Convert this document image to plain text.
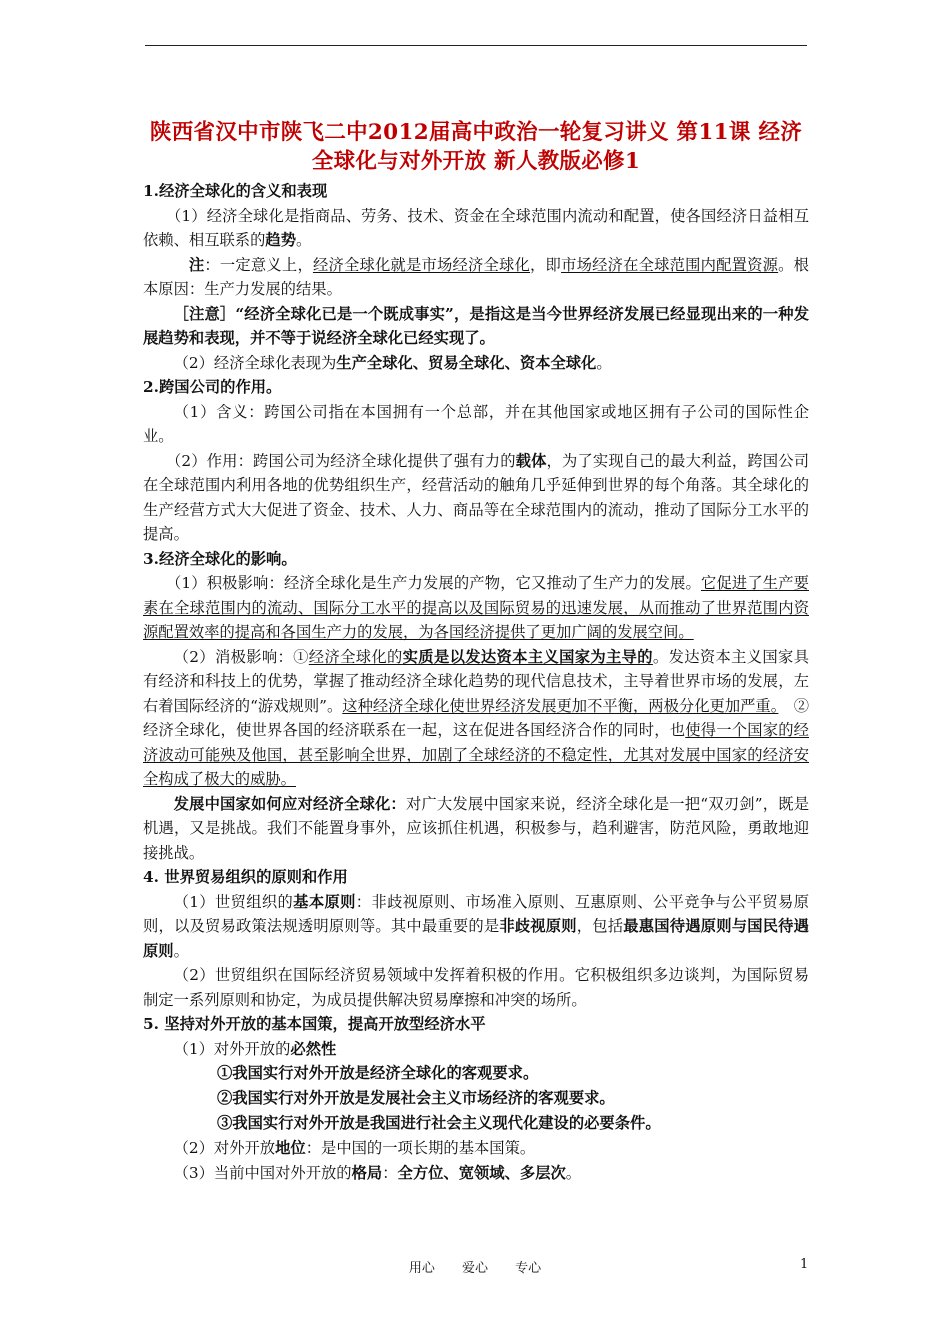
陕西省汉中市陕飞二中2012届高中政治一轮复习讲义 第11课 经济全球化与对外开放 新人教版必修1
1.经济全球化的含义和表现

（1）经济全球化是指商品、劳务、技术、资金在全球范围内流动和配置，使各国经济日益相互依赖、相互联系的趋势。

注：一定意义上，经济全球化就是市场经济全球化，即市场经济在全球范围内配置资源。根本原因：生产力发展的结果。

［注意］“经济全球化已是一个既成事实”，是指这是当今世界经济发展已经显现出来的一种发展趋势和表现，并不等于说经济全球化已经实现了。

（2）经济全球化表现为生产全球化、贸易全球化、资本全球化。

2.跨国公司的作用。

（1）含义：跨国公司指在本国拥有一个总部，并在其他国家或地区拥有子公司的国际性企业。

（2）作用：跨国公司为经济全球化提供了强有力的载体，为了实现自己的最大利益，跨国公司在全球范围内利用各地的优势组织生产，经营活动的触角几乎延伸到世界的每个角落。其全球化的生产经营方式大大促进了资金、技术、人力、商品等在全球范围内的流动，推动了国际分工水平的提高。

3.经济全球化的影响。

（1）积极影响：经济全球化是生产力发展的产物，它又推动了生产力的发展。它促进了生产要素在全球范围内的流动、国际分工水平的提高以及国际贸易的迅速发展，从而推动了世界范围内资源配置效率的提高和各国生产力的发展，为各国经济提供了更加广阔的发展空间。

（2）消极影响：①经济全球化的实质是以发达资本主义国家为主导的。发达资本主义国家具有经济和科技上的优势，掌握了推动经济全球化趋势的现代信息技术，主导着世界市场的发展，左右着国际经济的“游戏规则”。这种经济全球化使世界经济发展更加不平衡，两极分化更加严重。　②经济全球化，使世界各国的经济联系在一起，这在促进各国经济合作的同时，也使得一个国家的经济波动可能殃及他国，甚至影响全世界，加剧了全球经济的不稳定性，尤其对发展中国家的经济安全构成了极大的威胁。

发展中国家如何应对经济全球化：对广大发展中国家来说，经济全球化是一把“双刃剑”，既是机遇，又是挑战。我们不能置身事外，应该抓住机遇，积极参与，趋利避害，防范风险，勇敢地迎接挑战。

4. 世界贸易组织的原则和作用

（1）世贸组织的基本原则：非歧视原则、市场准入原则、互惠原则、公平竞争与公平贸易原则，以及贸易政策法规透明原则等。其中最重要的是非歧视原则，包括最惠国待遇原则与国民待遇原则。

（2）世贸组织在国际经济贸易领域中发挥着积极的作用。它积极组织多边谈判，为国际贸易制定一系列原则和协定，为成员提供解决贸易摩擦和冲突的场所。

5. 坚持对外开放的基本国策，提高开放型经济水平

（1）对外开放的必然性

①我国实行对外开放是经济全球化的客观要求。

②我国实行对外开放是发展社会主义市场经济的客观要求。

③我国实行对外开放是我国进行社会主义现代化建设的必要条件。

（2）对外开放地位：是中国的一项长期的基本国策。

（3）当前中国对外开放的格局：全方位、宽领域、多层次。

用心　 爱心　 专心	1
